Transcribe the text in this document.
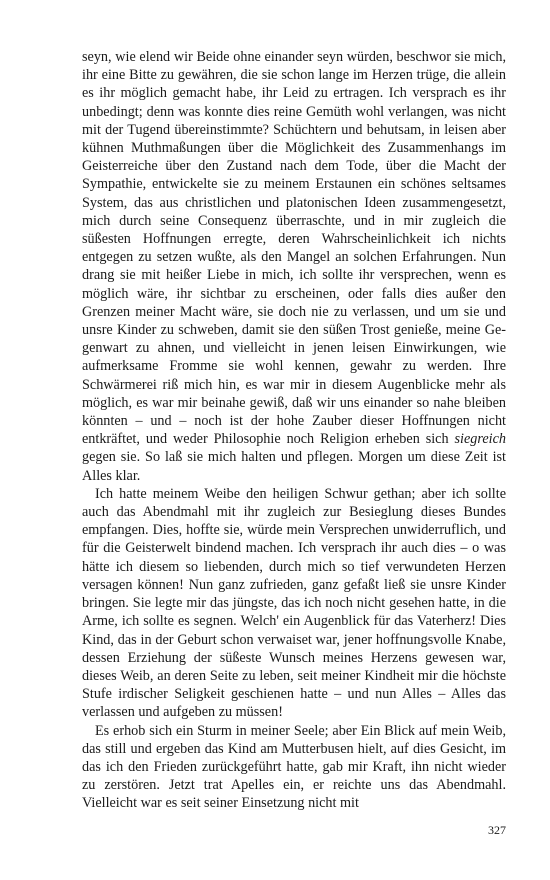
seyn, wie elend wir Beide ohne einander seyn würden, beschwor sie mich, ihr eine Bitte zu gewähren, die sie schon lange im Herzen trüge, die allein es ihr möglich gemacht habe, ihr Leid zu ertragen. Ich versprach es ihr unbedingt; denn was konnte dies reine Gemüth wohl verlangen, was nicht mit der Tugend übereinstimmte? Schüchtern und behutsam, in leisen aber kühnen Muthmaßungen über die Möglichkeit des Zusammenhangs im Geisterreiche über den Zustand nach dem Tode, über die Macht der Sympathie, entwickelte sie zu meinem Erstaunen ein schönes seltsames System, das aus christlichen und platonischen Ideen zusammengesetzt, mich durch seine Consequenz überraschte, und in mir zugleich die süßesten Hoffnungen erregte, deren Wahrscheinlichkeit ich nichts entgegen zu setzen wußte, als den Mangel an solchen Erfahrungen. Nun drang sie mit heißer Liebe in mich, ich sollte ihr versprechen, wenn es möglich wäre, ihr sichtbar zu erscheinen, oder falls dies außer den Grenzen meiner Macht wäre, sie doch nie zu verlassen, und um sie und unsre Kinder zu schweben, damit sie den süßen Trost genieße, meine Gegenwart zu ahnen, und vielleicht in jenen leisen Einwirkungen, wie aufmerksame Fromme sie wohl kennen, gewahr zu werden. Ihre Schwärmerei riß mich hin, es war mir in diesem Augenblicke mehr als möglich, es war mir beinahe gewiß, daß wir uns einander so nahe bleiben könnten – und – noch ist der hohe Zauber dieser Hoffnungen nicht entkräftet, und weder Philosophie noch Religion erheben sich siegreich gegen sie. So laß sie mich halten und pflegen. Morgen um diese Zeit ist Alles klar.

Ich hatte meinem Weibe den heiligen Schwur gethan; aber ich sollte auch das Abendmahl mit ihr zugleich zur Besieglung dieses Bundes empfangen. Dies, hoffte sie, würde mein Versprechen unwiderruflich, und für die Geisterwelt bindend machen. Ich versprach ihr auch dies – o was hätte ich diesem so liebenden, durch mich so tief verwundeten Herzen versagen können! Nun ganz zufrieden, ganz gefaßt ließ sie unsre Kinder bringen. Sie legte mir das jüngste, das ich noch nicht gesehen hatte, in die Arme, ich sollte es segnen. Welch' ein Augenblick für das Vaterherz! Dies Kind, das in der Geburt schon verwaiset war, jener hoffnungsvolle Knabe, dessen Erziehung der süßeste Wunsch meines Herzens gewesen war, dieses Weib, an deren Seite zu leben, seit meiner Kindheit mir die höchste Stufe irdischer Seligkeit geschienen hatte – und nun Alles – Alles das verlassen und aufgeben zu müssen!

Es erhob sich ein Sturm in meiner Seele; aber Ein Blick auf mein Weib, das still und ergeben das Kind am Mutterbusen hielt, auf dies Gesicht, im das ich den Frieden zurückgeführt hatte, gab mir Kraft, ihn nicht wieder zu zerstören. Jetzt trat Apelles ein, er reichte uns das Abendmahl. Vielleicht war es seit seiner Einsetzung nicht mit

327
